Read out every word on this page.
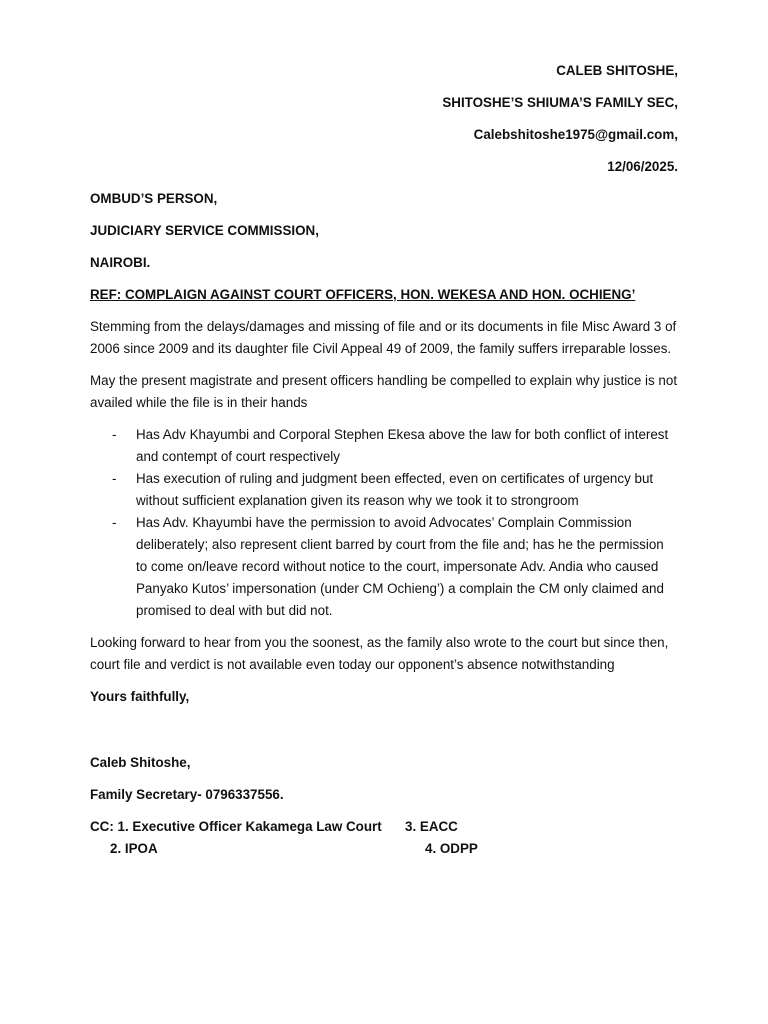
CALEB SHITOSHE,
SHITOSHE’S SHIUMA’S FAMILY SEC,
Calebshitoshe1975@gmail.com,
12/06/2025.
OMBUD’S PERSON,
JUDICIARY SERVICE COMMISSION,
NAIROBI.
REF: COMPLAIGN AGAINST COURT OFFICERS, HON. WEKESA AND HON. OCHIENG’

Stemming from the delays/damages and missing of file and or its documents in file Misc Award 3 of 2006 since 2009 and its daughter file Civil Appeal 49 of 2009, the family suffers irreparable losses.

May the present magistrate and present officers handling be compelled to explain why justice is not availed while the file is in their hands

- Has Adv Khayumbi and Corporal Stephen Ekesa above the law for both conflict of interest and contempt of court respectively
- Has execution of ruling and judgment been effected, even on certificates of urgency but without sufficient explanation given its reason why we took it to strongroom
- Has Adv. Khayumbi have the permission to avoid Advocates’ Complain Commission deliberately; also represent client barred by court from the file and; has he the permission to come on/leave record without notice to the court, impersonate Adv. Andia who caused Panyako Kutos’ impersonation (under CM Ochieng’) a complain the CM only claimed and promised to deal with but did not.

Looking forward to hear from you the soonest, as the family also wrote to the court but since then, court file and verdict is not available even today our opponent’s absence notwithstanding

Yours faithfully,
Caleb Shitoshe,
Family Secretary- 0796337556.
CC: 1. Executive Officer Kakamega Law Court	3. EACC
2. IPOA	4. ODPP
